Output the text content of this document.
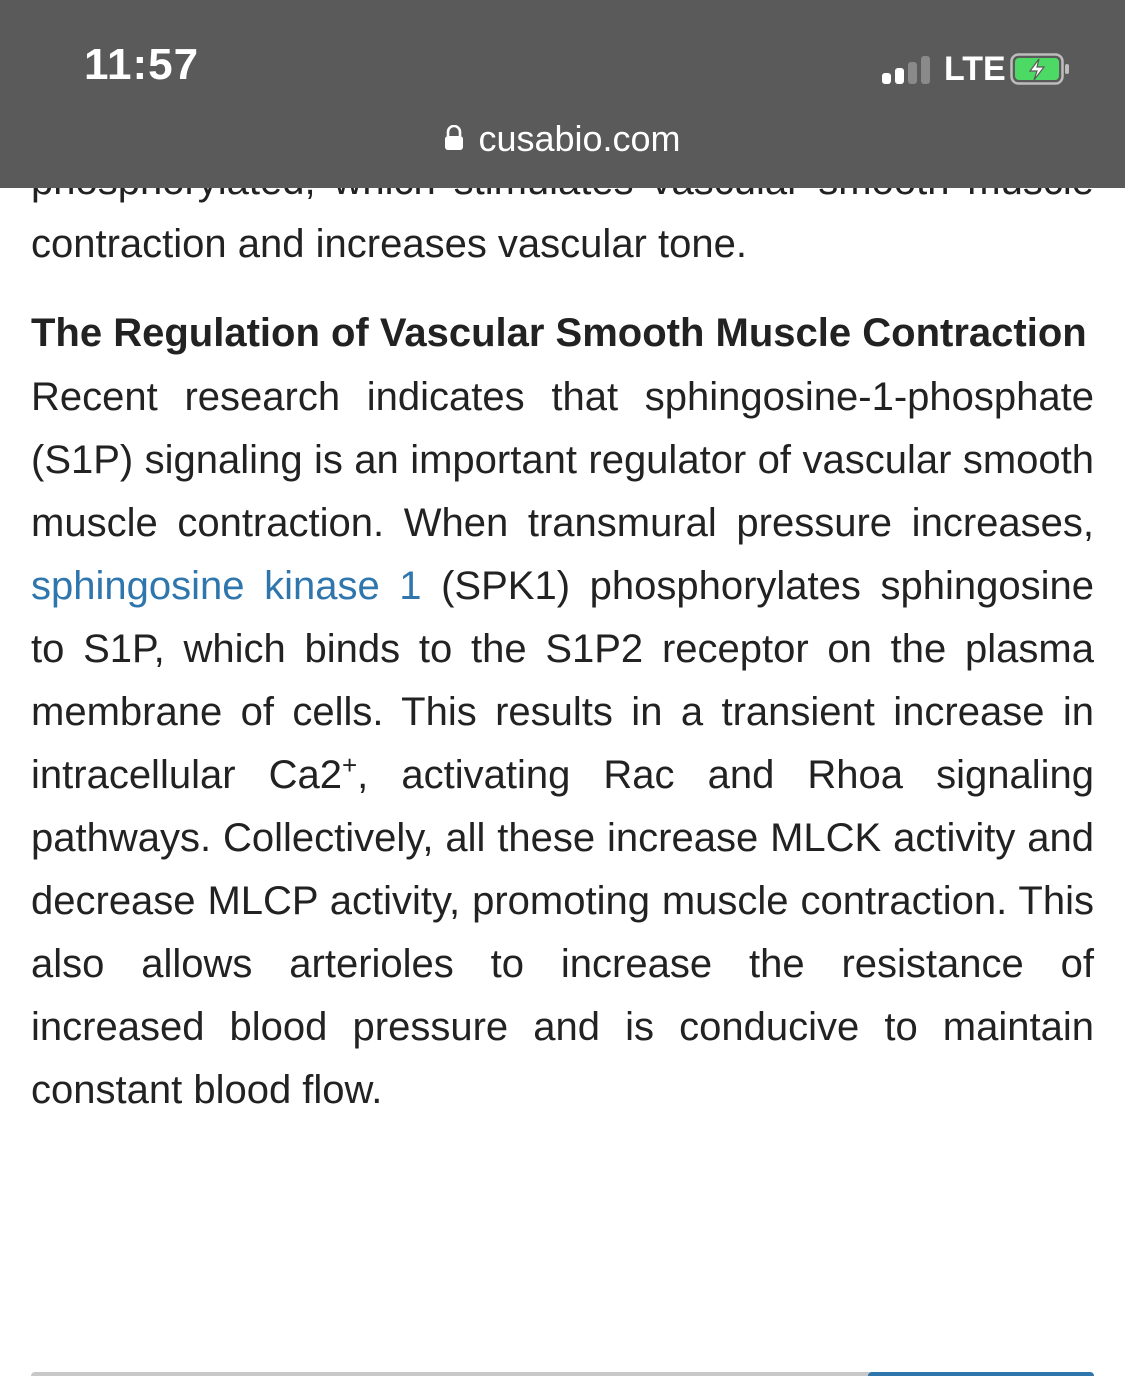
contraction and increases vascular tone.

The Regulation of Vascular Smooth Muscle Contraction

Recent research indicates that sphingosine-1-phosphate (S1P) signaling is an important regulator of vascular smooth muscle contraction. When transmural pressure increases, sphingosine kinase 1 (SPK1) phosphorylates sphingosine to S1P, which binds to the S1P2 receptor on the plasma membrane of cells. This results in a transient increase in intracellular Ca2+, activating Rac and Rhoa signaling pathways. Collectively, all these increase MLCK activity and decrease MLCP activity, promoting muscle contraction. This also allows arterioles to increase the resistance of increased blood pressure and is conducive to maintain constant blood flow.

11:57	LTE
cusabio.com
